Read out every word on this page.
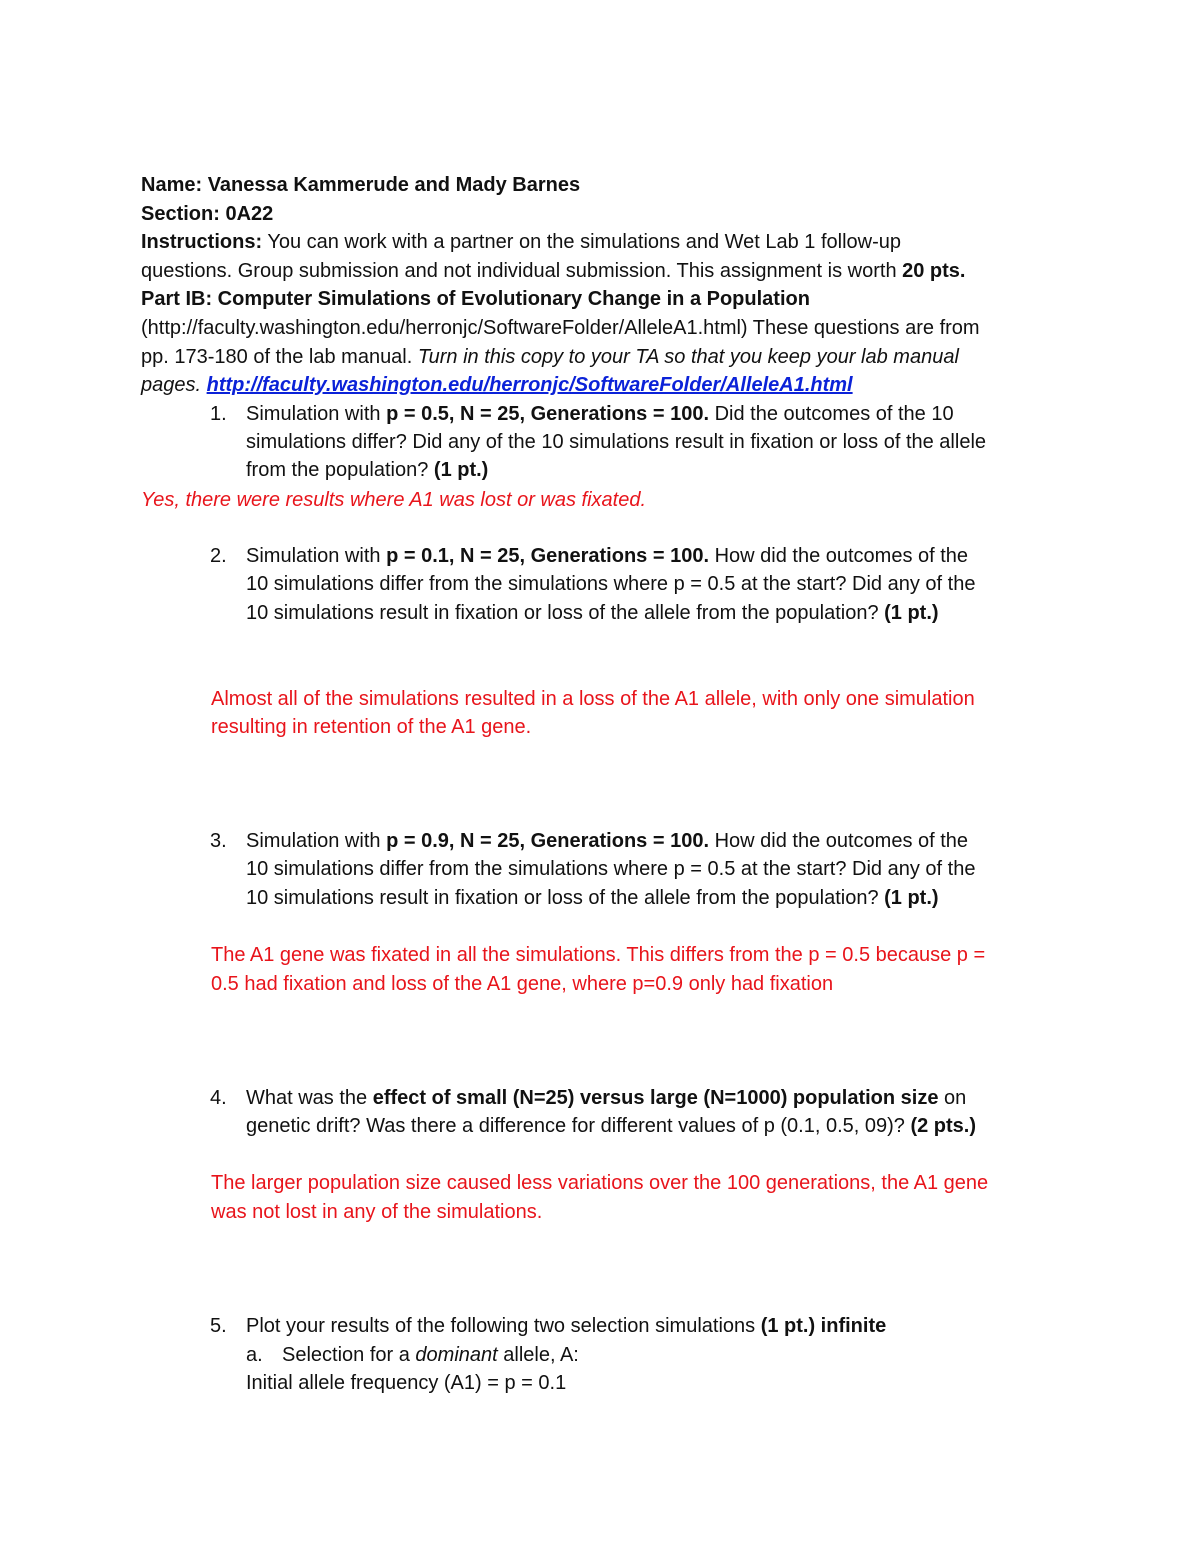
Name: Vanessa Kammerude and Mady Barnes
Section: 0A22
Instructions: You can work with a partner on the simulations and Wet Lab 1 follow-up
questions. Group submission and not individual submission. This assignment is worth 20 pts.
Part IB: Computer Simulations of Evolutionary Change in a Population
(http://faculty.washington.edu/herronjc/SoftwareFolder/AlleleA1.html) These questions are from
pp. 173-180 of the lab manual. Turn in this copy to your TA so that you keep your lab manual
pages. http://faculty.washington.edu/herronjc/SoftwareFolder/AlleleA1.html
1. Simulation with p = 0.5, N = 25, Generations = 100. Did the outcomes of the 10
simulations differ? Did any of the 10 simulations result in fixation or loss of the allele
from the population? (1 pt.)
Yes, there were results where A1 was lost or was fixated.
2. Simulation with p = 0.1, N = 25, Generations = 100. How did the outcomes of the
10 simulations differ from the simulations where p = 0.5 at the start? Did any of the
10 simulations result in fixation or loss of the allele from the population? (1 pt.)
Almost all of the simulations resulted in a loss of the A1 allele, with only one simulation
resulting in retention of the A1 gene.
3. Simulation with p = 0.9, N = 25, Generations = 100. How did the outcomes of the
10 simulations differ from the simulations where p = 0.5 at the start? Did any of the
10 simulations result in fixation or loss of the allele from the population? (1 pt.)
The A1 gene was fixated in all the simulations. This differs from the p = 0.5 because p =
0.5 had fixation and loss of the A1 gene, where p=0.9 only had fixation
4. What was the effect of small (N=25) versus large (N=1000) population size on
genetic drift? Was there a difference for different values of p (0.1, 0.5, 09)? (2 pts.)
The larger population size caused less variations over the 100 generations, the A1 gene
was not lost in any of the simulations.
5. Plot your results of the following two selection simulations (1 pt.) infinite
a. Selection for a dominant allele, A:
Initial allele frequency (A1) = p = 0.1
